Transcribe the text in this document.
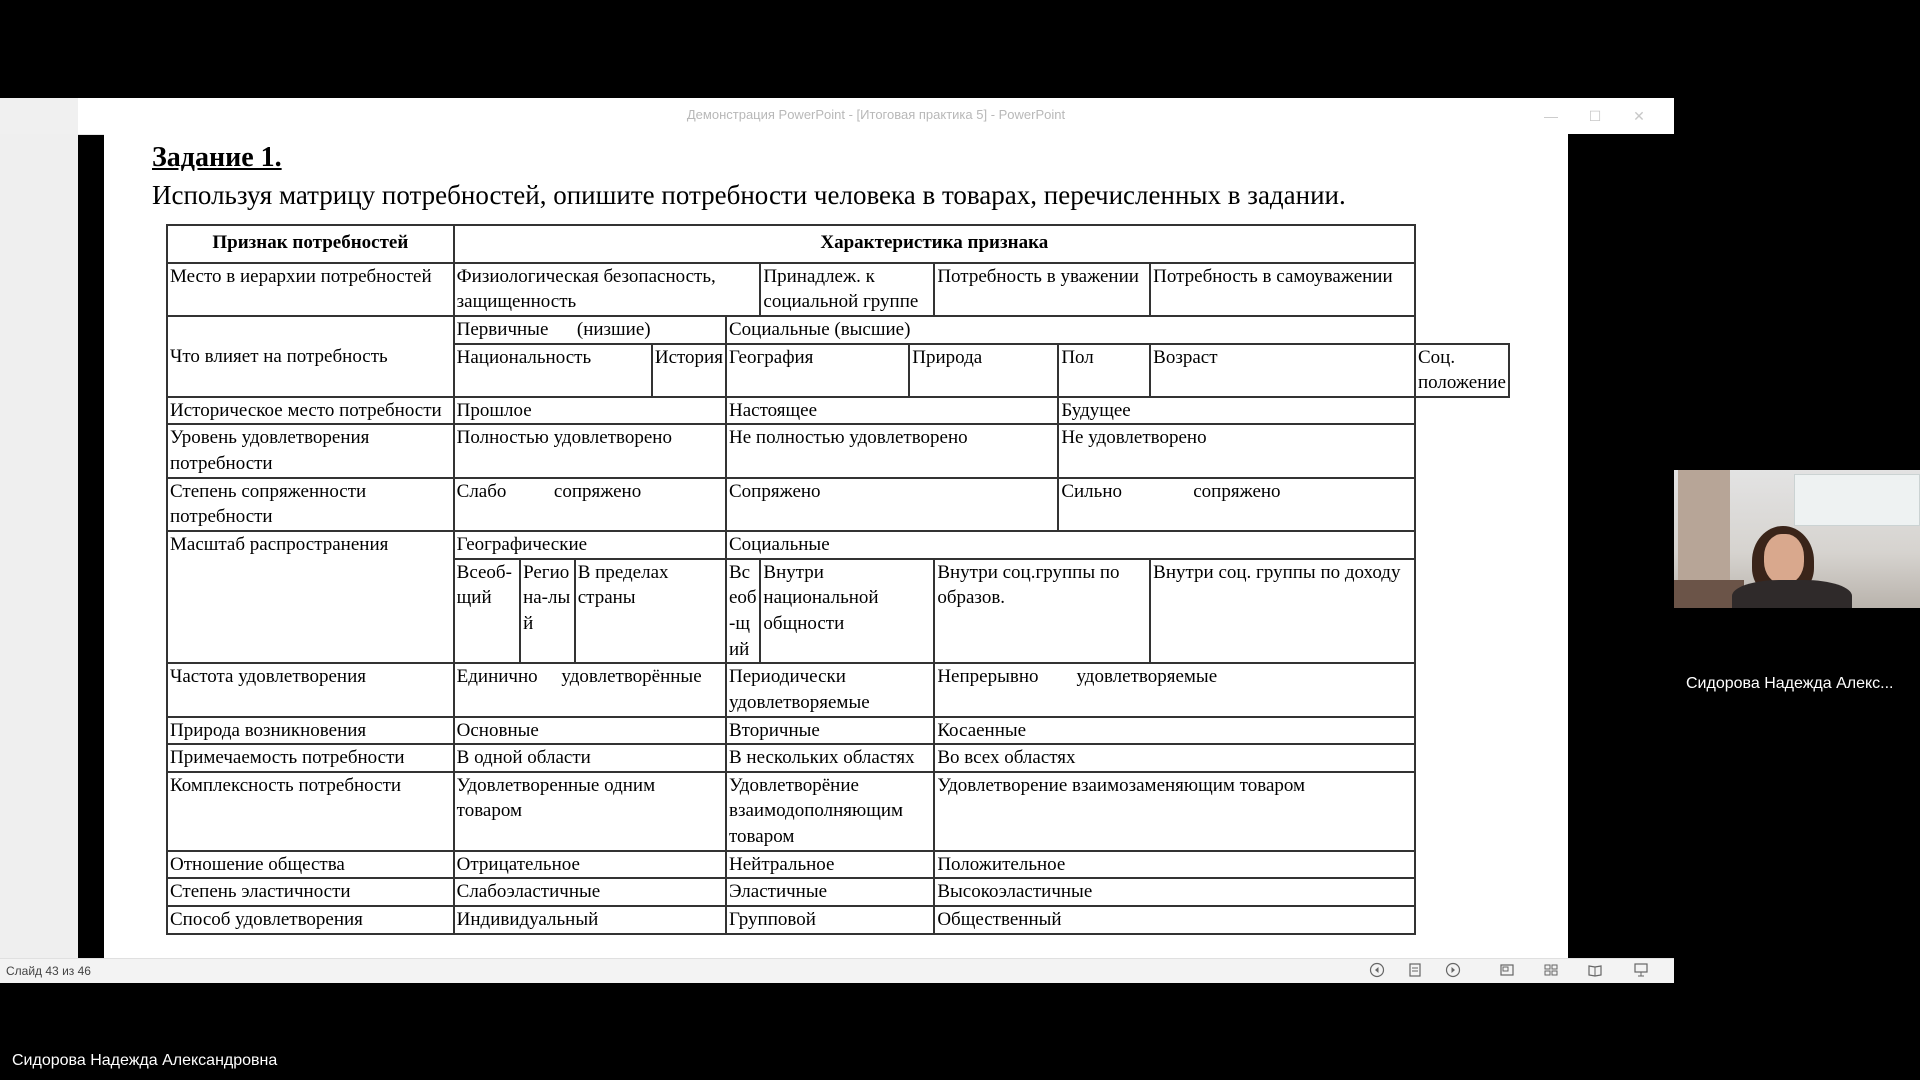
Демонстрация PowerPoint - [Итоговая практика 5] - PowerPoint	—	☐	✕
Задание 1.

Используя матрицу потребностей, опишите потребности человека в товарах, перечисленных в задании.

Признак потребностей	Характеристика признака										
Место в иерархии потребностей	Физиологическая безопасность, защищенность					Принадлеж. к социальной группе		Потребность в уважении		Потребность в самоуважении	
Что влияет на потребность	Первичные      (низшие)				Социальные (высшие)						
	Национальность			История	География		Природа		Пол	Возраст	Соц. положение
Историческое место потребности	Прошлое				Настоящее				Будущее		
Уровень удовлетворения потребности	Полностью удовлетворено				Не полностью удовлетворено				Не удовлетворено		
Степень сопряженности потребности	Слабо          сопряжено				Сопряжено				Сильно               сопряжено		
Масштаб распространения	Географические				Социальные						
	Всеоб-щий	Региона-лый	В пределах страны		Всеоб-щий	Внутри национальной общности		Внутри соц.группы по образов.		Внутри соц. группы по доходу	
Частота удовлетворения	Единично     удовлетворённые				Периодически удовлетворяемые			Непрерывно        удовлетворяемые			
Природа возникновения	Основные				Вторичные			Косаенные			
Примечаемость потребности	В одной области				В нескольких областях			Во всех областях			
Комплексность потребности	Удовлетворенные одним товаром				Удовлетворёние взаимодополняющим товаром			Удовлетворение взаимозаменяющим товаром			
Отношение общества	Отрицательное				Нейтральное			Положительное			
Степень эластичности	Слабоэластичные				Эластичные			Высокоэластичные			
Способ удовлетворения	Индивидуальный				Групповой			Общественный			
Слайд 43 из 46
Сидорова Надежда Алекс...
Сидорова Надежда Александровна
